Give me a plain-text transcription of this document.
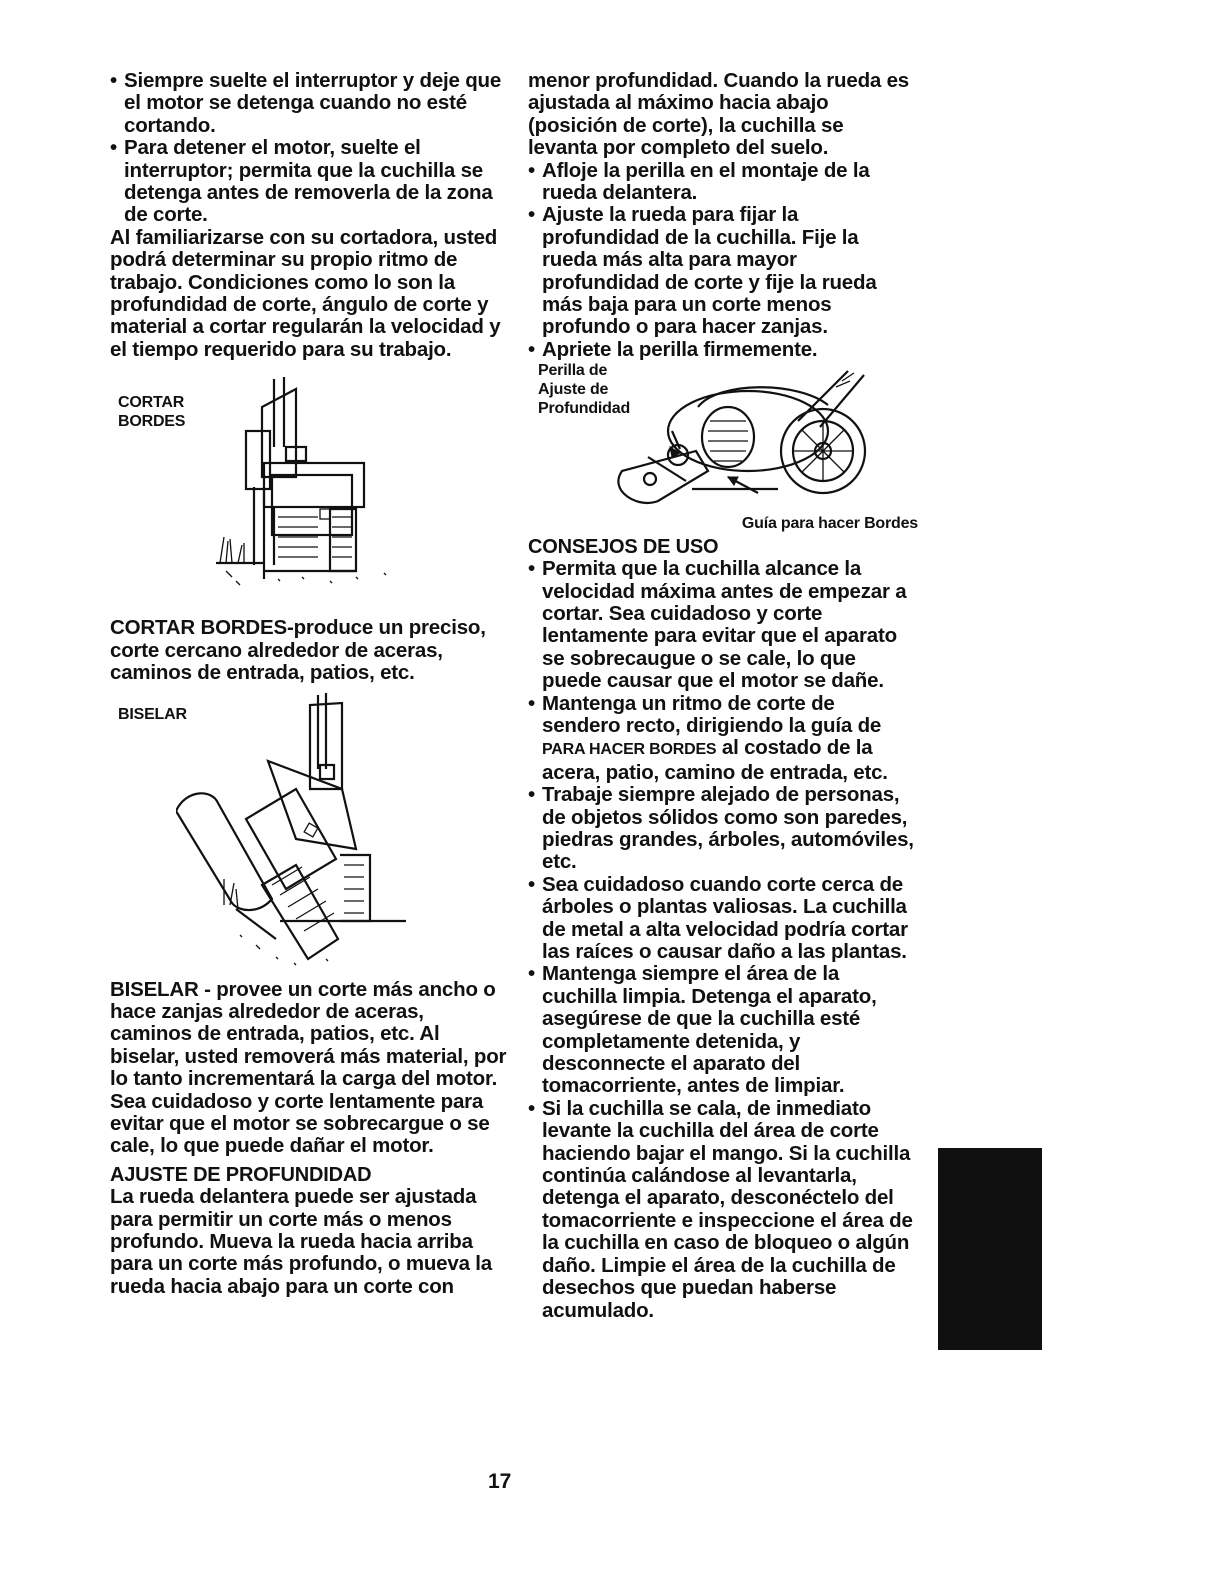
• Siempre suelte el interruptor y deje que el motor se detenga cuando no esté cortando.
• Para detener el motor, suelte el interruptor; permita que la cuchilla se detenga antes de removerla de la zona de corte.

Al familiarizarse con su cortadora, usted podrá determinar su propio ritmo de trabajo. Condiciones como lo son la profundidad de corte, ángulo de corte y material a cortar regularán la velocidad y el tiempo requerido para su trabajo.

CORTAR
BORDES

CORTAR BORDES-produce un preciso, corte cercano alrededor de aceras, caminos de entrada, patios, etc.

BISELAR

BISELAR - provee un corte más ancho o hace zanjas alrededor de aceras, caminos de entrada, patios, etc. Al biselar, usted removerá más material, por lo tanto incrementará la carga del motor. Sea cuidadoso y corte lentamente para evitar que el motor se sobrecargue o se cale, lo que puede dañar el motor.

AJUSTE DE PROFUNDIDAD

La rueda delantera puede ser ajustada para permitir un corte más o menos profundo. Mueva la rueda hacia arriba para un corte más profundo, o mueva la rueda hacia abajo para un corte con

menor profundidad. Cuando la rueda es ajustada al máximo hacia abajo (posición de corte), la cuchilla se levanta por completo del suelo.

• Afloje la perilla en el montaje de la rueda delantera.
• Ajuste la rueda para fijar la profundidad de la cuchilla. Fije la rueda más alta para mayor profundidad de corte y fije la rueda más baja para un corte menos profundo o para hacer zanjas.
• Apriete la perilla firmemente.
Perilla de
Ajuste de
Profundidad
Guía para hacer Bordes
CONSEJOS DE USO
• Permita que la cuchilla alcance la velocidad máxima antes de empezar a cortar. Sea cuidadoso y corte lentamente para evitar que el aparato se sobrecaugue o se cale, lo que puede causar que el motor se dañe.
• Mantenga un ritmo de corte de sendero recto, dirigiendo la guía de PARA HACER BORDES al costado de la acera, patio, camino de entrada, etc.
• Trabaje siempre alejado de personas, de objetos sólidos como son paredes, piedras grandes, árboles, automóviles, etc.
• Sea cuidadoso cuando corte cerca de árboles o plantas valiosas. La cuchilla de metal a alta velocidad podría cortar las raíces o causar daño a las plantas.
• Mantenga siempre el área de la cuchilla limpia. Detenga el aparato, asegúrese de que la cuchilla esté completamente detenida, y desconnecte el aparato del tomacorriente, antes de limpiar.
• Si la cuchilla se cala, de inmediato levante la cuchilla del área de corte haciendo bajar el mango. Si la cuchilla continúa calándose al levantarla, detenga el aparato, desconéctelo del tomacorriente e inspeccione el área de la cuchilla en caso de bloqueo o algún daño. Limpie el área de la cuchilla de desechos que puedan haberse acumulado.
17
